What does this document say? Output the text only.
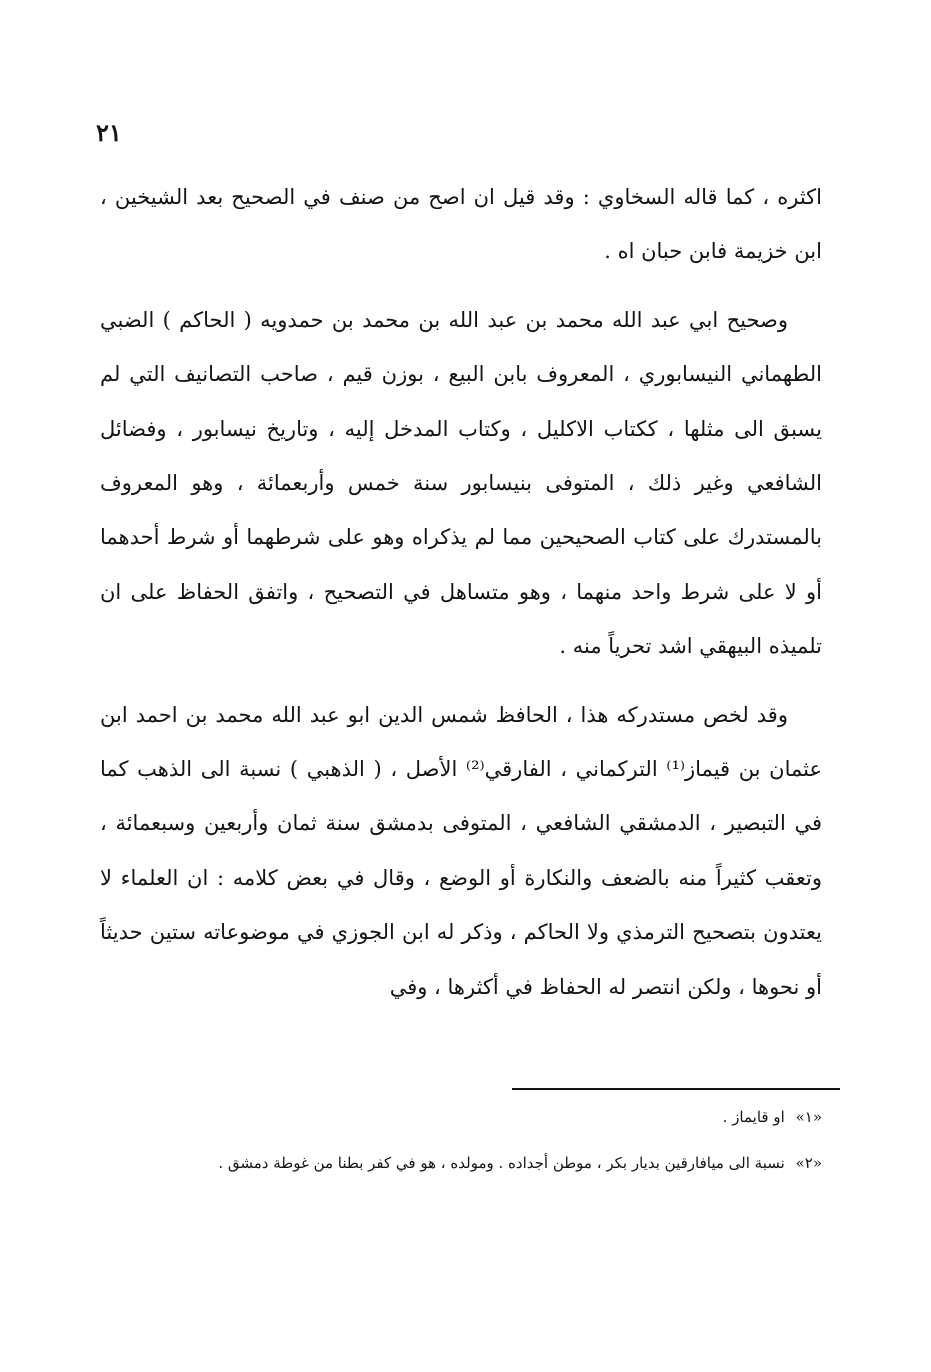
٢١

اكثره ، كما قاله السخاوي : وقد قيل ان اصح من صنف في الصحيح بعد الشيخين ، ابن خزيمة فابن حبان اه .

وصحيح ابي عبد الله محمد بن عبد الله بن محمد بن حمدويه ( الحاكم ) الضبي الطهماني النيسابوري ، المعروف بابن البيع ، بوزن قيم ، صاحب التصانيف التي لم يسبق الى مثلها ، ككتاب الاكليل ، وكتاب المدخل إليه ، وتاريخ نيسابور ، وفضائل الشافعي وغير ذلك ، المتوفى بنيسابور سنة خمس وأربعمائة ، وهو المعروف بالمستدرك على كتاب الصحيحين مما لم يذكراه وهو على شرطهما أو شرط أحدهما أو لا على شرط واحد منهما ، وهو متساهل في التصحيح ، واتفق الحفاظ على ان تلميذه البيهقي اشد تحرياً منه .

وقد لخص مستدركه هذا ، الحافظ شمس الدين ابو عبد الله محمد بن احمد ابن عثمان بن قيماز⁽¹⁾ التركماني ، الفارقي⁽²⁾ الأصل ، ( الذهبي ) نسبة الى الذهب كما في التبصير ، الدمشقي الشافعي ، المتوفى بدمشق سنة ثمان وأربعين وسبعمائة ، وتعقب كثيراً منه بالضعف والنكارة أو الوضع ، وقال في بعض كلامه : ان العلماء لا يعتدون بتصحيح الترمذي ولا الحاكم ، وذكر له ابن الجوزي في موضوعاته ستين حديثاً أو نحوها ، ولكن انتصر له الحفاظ في أكثرها ، وفي

«١» او قايماز .

«٢» نسبة الى ميافارقين بديار بكر ، موطن أجداده . ومولده ، هو في كفر بطنا من غوطة دمشق .
